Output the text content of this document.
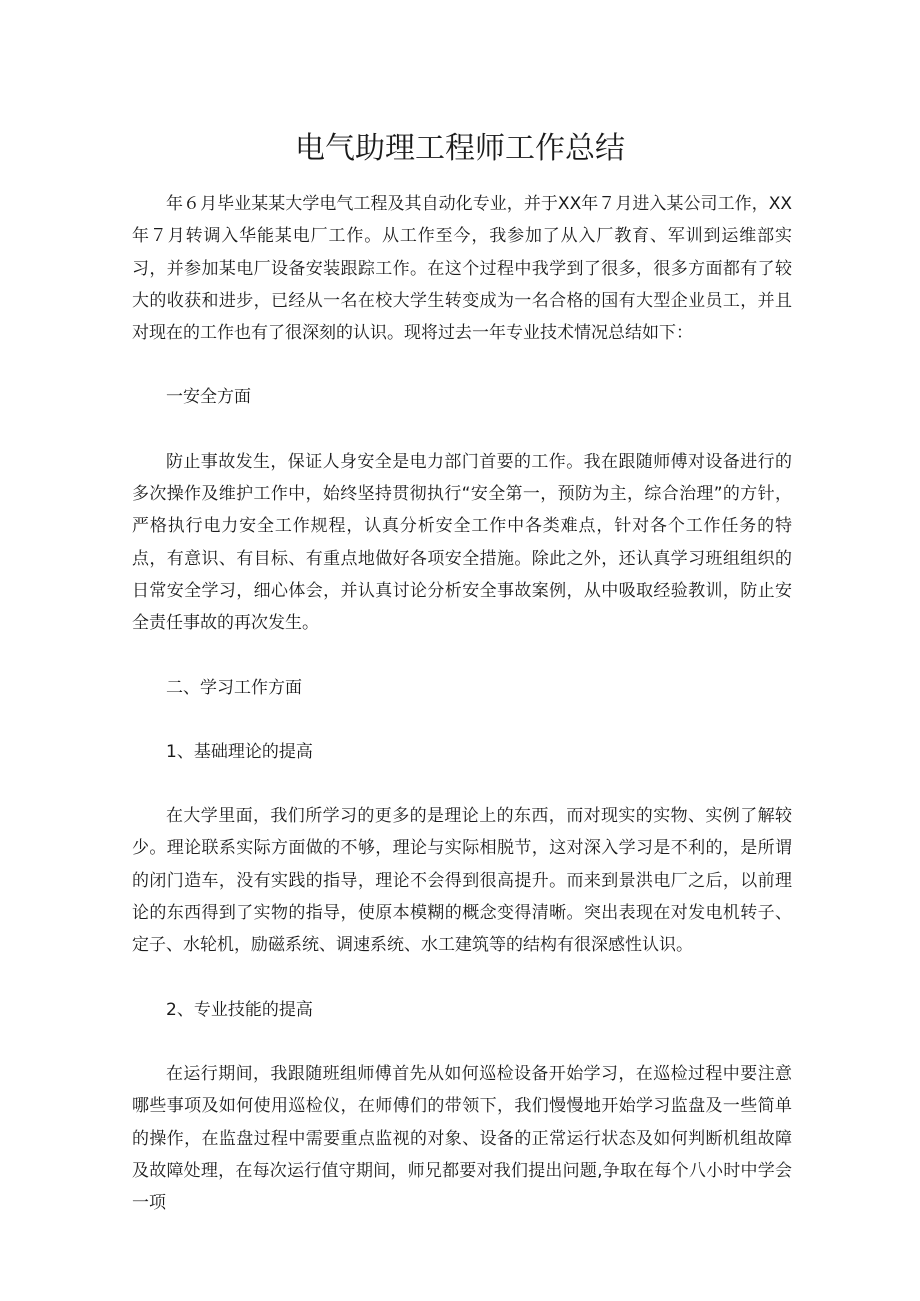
电气助理工程师工作总结

年６月毕业某某大学电气工程及其自动化专业，并于XX年７月进入某公司工作，XX年７月转调入华能某电厂工作。从工作至今，我参加了从入厂教育、军训到运维部实习，并参加某电厂设备安装跟踪工作。在这个过程中我学到了很多，很多方面都有了较大的收获和进步，已经从一名在校大学生转变成为一名合格的国有大型企业员工，并且对现在的工作也有了很深刻的认识。现将过去一年专业技术情况总结如下：

一安全方面

防止事故发生，保证人身安全是电力部门首要的工作。我在跟随师傅对设备进行的多次操作及维护工作中，始终坚持贯彻执行“安全第一，预防为主，综合治理”的方针，严格执行电力安全工作规程，认真分析安全工作中各类难点，针对各个工作任务的特点，有意识、有目标、有重点地做好各项安全措施。除此之外，还认真学习班组组织的日常安全学习，细心体会，并认真讨论分析安全事故案例，从中吸取经验教训，防止安全责任事故的再次发生。

二、学习工作方面

1、基础理论的提高

在大学里面，我们所学习的更多的是理论上的东西，而对现实的实物、实例了解较少。理论联系实际方面做的不够，理论与实际相脱节，这对深入学习是不利的，是所谓的闭门造车，没有实践的指导，理论不会得到很高提升。而来到景洪电厂之后，以前理论的东西得到了实物的指导，使原本模糊的概念变得清晰。突出表现在对发电机转子、定子、水轮机，励磁系统、调速系统、水工建筑等的结构有很深感性认识。

2、专业技能的提高

在运行期间，我跟随班组师傅首先从如何巡检设备开始学习，在巡检过程中要注意哪些事项及如何使用巡检仪，在师傅们的带领下，我们慢慢地开始学习监盘及一些简单的操作，在监盘过程中需要重点监视的对象、设备的正常运行状态及如何判断机组故障及故障处理，在每次运行值守期间，师兄都要对我们提出问题,争取在每个八小时中学会一项
